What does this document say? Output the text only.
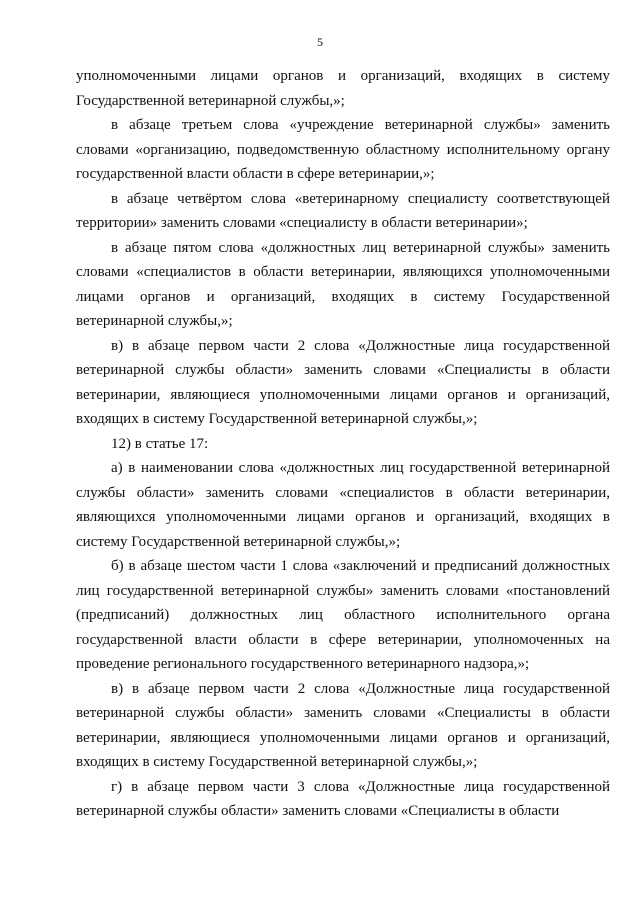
5

уполномоченными лицами органов и организаций, входящих в систему Государственной ветеринарной службы,»;

в абзаце третьем слова «учреждение ветеринарной службы» заменить словами «организацию, подведомственную областному исполнительному органу государственной власти области в сфере ветеринарии,»;

в абзаце четвёртом слова «ветеринарному специалисту соответствующей территории» заменить словами «специалисту в области ветеринарии»;

в абзаце пятом слова «должностных лиц ветеринарной службы» заменить словами «специалистов в области ветеринарии, являющихся уполномоченными лицами органов и организаций, входящих в систему Государственной ветеринарной службы,»;

в) в абзаце первом части 2 слова «Должностные лица государственной ветеринарной службы области» заменить словами «Специалисты в области ветеринарии, являющиеся уполномоченными лицами органов и организаций, входящих в систему Государственной ветеринарной службы,»;

12) в статье 17:

а) в наименовании слова «должностных лиц государственной ветеринарной службы области» заменить словами «специалистов в области ветеринарии, являющихся уполномоченными лицами органов и организаций, входящих в систему Государственной ветеринарной службы,»;

б) в абзаце шестом части 1 слова «заключений и предписаний должностных лиц государственной ветеринарной службы» заменить словами «постановлений (предписаний) должностных лиц областного исполнительного органа государственной власти области в сфере ветеринарии, уполномоченных на проведение регионального государственного ветеринарного надзора,»;

в) в абзаце первом части 2 слова «Должностные лица государственной ветеринарной службы области» заменить словами «Специалисты в области ветеринарии, являющиеся уполномоченными лицами органов и организаций, входящих в систему Государственной ветеринарной службы,»;

г) в абзаце первом части 3 слова «Должностные лица государственной ветеринарной службы области» заменить словами «Специалисты в области
